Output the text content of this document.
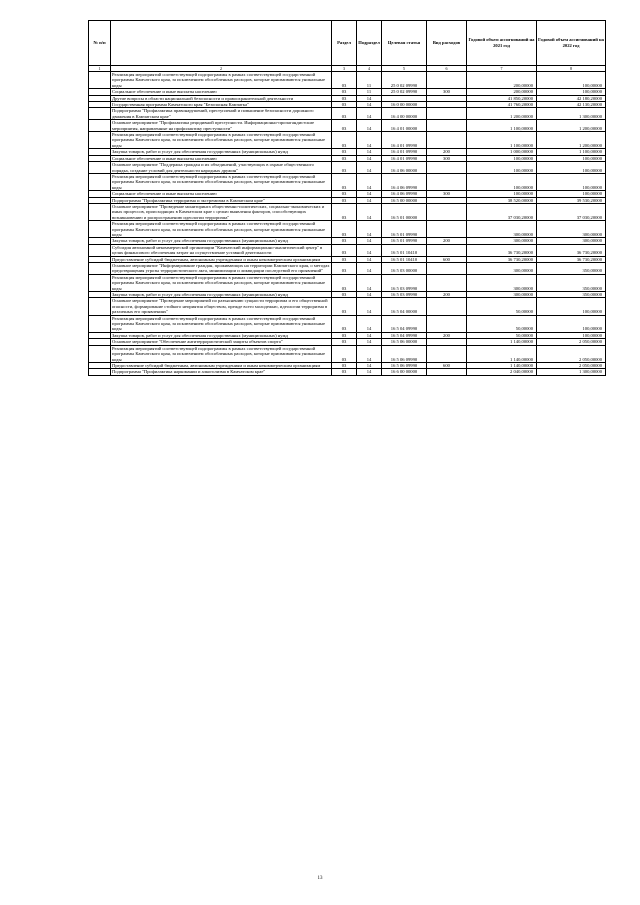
№ п/п		Раздел	Подраздел	Целевая статья	Вид расходов	Годовой объем ассигнований на 2021 год	Годовой объем ассигнований на 2022 год
1	2	3	4	5	6	7	8
	Реализация мероприятий соответствующей подпрограммы в рамках соответствующей государственной программы Камчатского края, за исключением обособленных расходов, которые присваиваются уникальные коды	03	11	25 0 02 09990		200,00000	100,00000
	Социальное обеспечение и иные выплаты населению	03	11	25 0 02 09990	300	200,00000	100,00000
	Другие вопросы в области национальной безопасности и правоохранительной деятельности	03	14			41 850,20000	42 180,20000
	Государственная программа Камчатского края "Безопасная Камчатка"	03	14	16 0 00 00000		41 760,20000	42 130,20000
	Подпрограмма "Профилактика правонарушений, преступлений и повышение безопасности дорожного движения в Камчатском крае"	03	14	16 4 00 00000		1 200,00000	1 300,00000
	Основное мероприятие "Профилактика рецидивной преступности. Информационно-пропагандистские мероприятия, направленные на профилактику преступности"	03	14	16 4 01 00000		1 100,00000	1 200,00000
	Реализация мероприятий соответствующей подпрограммы в рамках соответствующей государственной программы Камчатского края, за исключением обособленных расходов, которые присваиваются уникальные коды	03	14	16 4 01 09990		1 100,00000	1 200,00000
	Закупка товаров, работ и услуг для обеспечения государственных (муниципальных) нужд	03	14	16 4 01 09990	200	1 000,00000	1 100,00000
	Социальное обеспечение и иные выплаты населению	03	14	16 4 01 09990	300	100,00000	100,00000
	Основное мероприятие "Поддержка граждан и их объединений, участвующих в охране общественного порядка, создание условий для деятельности народных дружин"	03	14	16 4 06 00000		100,00000	100,00000
	Реализация мероприятий соответствующей подпрограммы в рамках соответствующей государственной программы Камчатского края, за исключением обособленных расходов, которые присваиваются уникальные коды	03	14	16 4 06 09990		100,00000	100,00000
	Социальное обеспечение и иные выплаты населению	03	14	16 4 06 09990	300	100,00000	100,00000
	Подпрограмма "Профилактика терроризма и экстремизма в Камчатском крае"	03	14	16 5 00 00000		38 520,00000	39 530,20000
	Основное мероприятие "Проведение мониторинга общественно-политических, социально-экономических и иных процессов, происходящих в Камчатском крае с целью выявления факторов, способствующих возникновению и распространению идеологии терроризма"	03	14	16 5 01 00000		37 030,20000	37 030,20000
	Реализация мероприятий соответствующей подпрограммы в рамках соответствующей государственной программы Камчатского края, за исключением обособленных расходов, которые присваиваются уникальные коды	03	14	16 5 01 09990		300,00000	300,00000
	Закупка товаров, работ и услуг для обеспечения государственных (муниципальных) нужд	03	14	16 5 01 09990	200	300,00000	300,00000
	Субсидия автономной некоммерческой организации "Камчатский информационно-аналитический центр" в целях финансового обеспечения затрат на осуществление уставной деятельности	03	14	16 5 01 10410		36 730,20000	36 730,20000
	Предоставление субсидий бюджетным, автономным учреждениям и иным некоммерческим организациям	03	14	16 5 01 10410	600	36 730,20000	36 730,20000
	Основное мероприятие "Информирование граждан, проживающих на территории Камчатского края, о методах предотвращения угрозы террористического акта, минимизации и ликвидации последствий его проявлений"	03	14	16 5 03 00000		300,00000	350,00000
	Реализация мероприятий соответствующей подпрограммы в рамках соответствующей государственной программы Камчатского края, за исключением обособленных расходов, которые присваиваются уникальные коды	03	14	16 5 03 09990		300,00000	350,00000
	Закупка товаров, работ и услуг для обеспечения государственных (муниципальных) нужд	03	14	16 5 03 09990	200	300,00000	350,00000
	Основное мероприятие "Проведение мероприятий по разъяснению сущности терроризма и его общественной опасности, формирование стойкого неприятия обществом, прежде всего молодежью, идеологии терроризма в различных его проявлениях"	03	14	16 5 04 00000		50,00000	100,00000
	Реализация мероприятий соответствующей подпрограммы в рамках соответствующей государственной программы Камчатского края, за исключением обособленных расходов, которые присваиваются уникальные коды	03	14	16 5 04 09990		50,00000	100,00000
	Закупка товаров, работ и услуг для обеспечения государственных (муниципальных) нужд	03	14	16 5 04 09990	200	50,00000	100,00000
	Основное мероприятие "Обеспечение антитеррористической защиты объектов спорта"	03	14	16 5 06 00000		1 140,00000	2 050,00000
	Реализация мероприятий соответствующей подпрограммы в рамках соответствующей государственной программы Камчатского края, за исключением обособленных расходов, которые присваиваются уникальные коды	03	14	16 5 06 09990		1 140,00000	2 050,00000
	Предоставление субсидий бюджетным, автономным учреждениям и иным некоммерческим организациям	03	14	16 5 06 09990	600	1 140,00000	2 050,00000
	Подпрограмма "Профилактика наркомании и алкоголизма в Камчатском крае"	03	14	16 6 00 00000		2 040,00000	1 300,00000
13
